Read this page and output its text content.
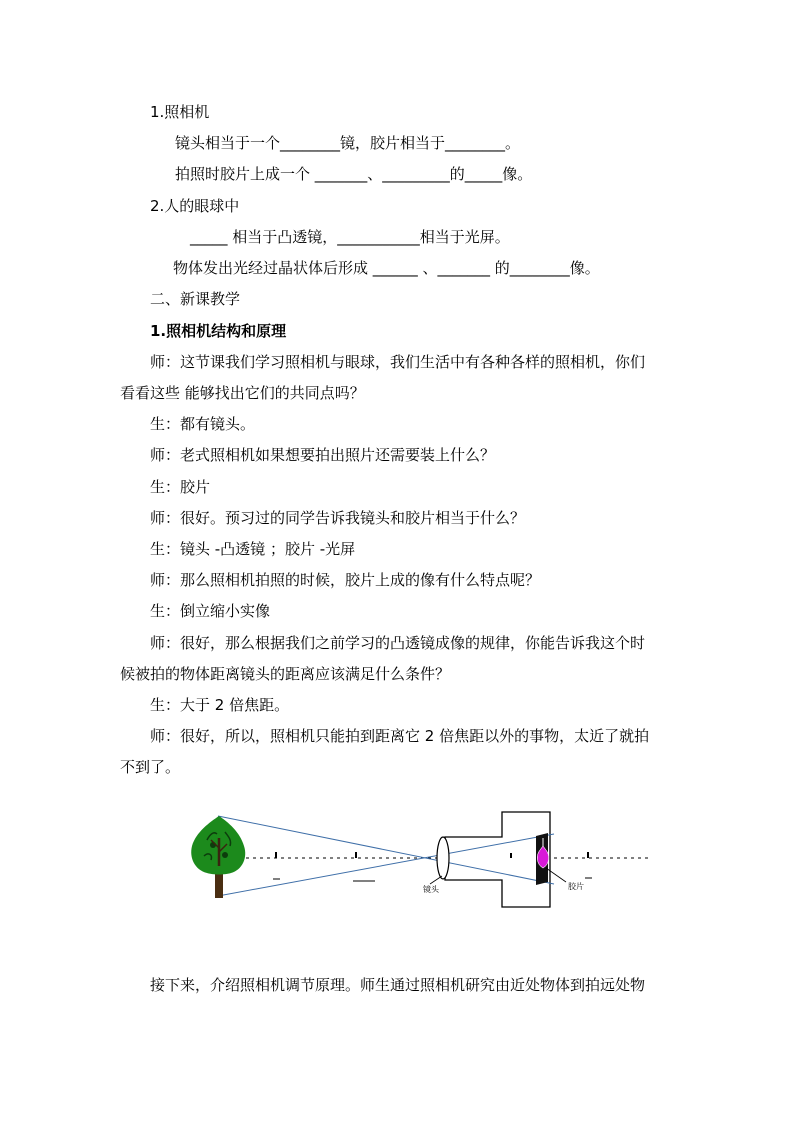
1.照相机
镜头相当于一个________镜，胶片相当于________。
拍照时胶片上成一个 _______、_________的_____像。
2.人的眼球中
_____ 相当于凸透镜，___________相当于光屏。
物体发出光经过晶状体后形成 ______ 、_______ 的________像。
二、新课教学
1.照相机结构和原理
师：这节课我们学习照相机与眼球，我们生活中有各种各样的照相机，你们
看看这些 能够找出它们的共同点吗？
生：都有镜头。
师：老式照相机如果想要拍出照片还需要装上什么？
生：胶片
师：很好。预习过的同学告诉我镜头和胶片相当于什么？
生：镜头 -凸透镜 ；胶片 -光屏
师：那么照相机拍照的时候，胶片上成的像有什么特点呢？
生：倒立缩小实像
师：很好，那么根据我们之前学习的凸透镜成像的规律，你能告诉我这个时
候被拍的物体距离镜头的距离应该满足什么条件？
生：大于 2 倍焦距。
师：很好，所以，照相机只能拍到距离它 2 倍焦距以外的事物，太近了就拍
不到了。
镜头	胶片
接下来，介绍照相机调节原理。师生通过照相机研究由近处物体到拍远处物
